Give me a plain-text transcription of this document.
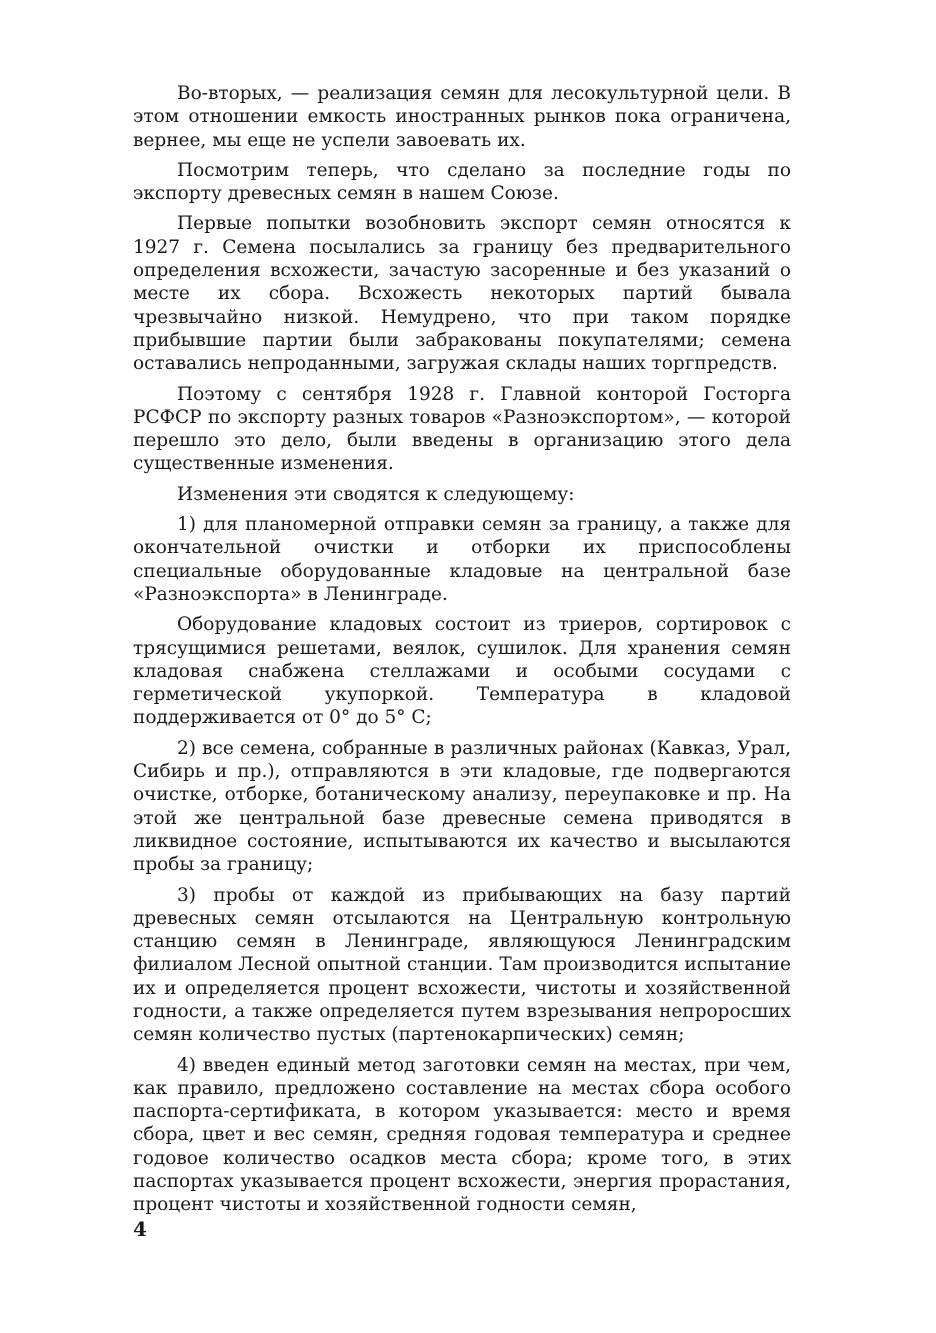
Во-вторых, — реализация семян для лесокультурной цели. В этом отношении емкость иностранных рынков пока ограничена, вернее, мы еще не успели завоевать их.

Посмотрим теперь, что сделано за последние годы по экспорту древесных семян в нашем Союзе.

Первые попытки возобновить экспорт семян относятся к 1927 г. Семена посылались за границу без предварительного определения всхожести, зачастую засоренные и без указаний о месте их сбора. Всхожесть некоторых партий бывала чрезвычайно низкой. Немудрено, что при таком порядке прибывшие партии были забракованы покупателями; семена оставались непроданными, загружая склады наших торгпредств.

Поэтому с сентября 1928 г. Главной конторой Госторга РСФСР по экспорту разных товаров «Разноэкспортом», — которой перешло это дело, были введены в организацию этого дела существенные изменения.

Изменения эти сводятся к следующему:

1) для планомерной отправки семян за границу, а также для окончательной очистки и отборки их приспособлены специальные оборудованные кладовые на центральной базе «Разноэкспорта» в Ленинграде.

Оборудование кладовых состоит из триеров, сортировок с трясущимися решетами, веялок, сушилок. Для хранения семян кладовая снабжена стеллажами и особыми сосудами с герметической укупоркой. Температура в кладовой поддерживается от 0° до 5° С;

2) все семена, собранные в различных районах (Кавказ, Урал, Сибирь и пр.), отправляются в эти кладовые, где подвергаются очистке, отборке, ботаническому анализу, переупаковке и пр. На этой же центральной базе древесные семена приводятся в ликвидное состояние, испытываются их качество и высылаются пробы за границу;

3) пробы от каждой из прибывающих на базу партий древесных семян отсылаются на Центральную контрольную станцию семян в Ленинграде, являющуюся Ленинградским филиалом Лесной опытной станции. Там производится испытание их и определяется процент всхожести, чистоты и хозяйственной годности, а также определяется путем взрезывания непроросших семян количество пустых (партенокарпических) семян;

4) введен единый метод заготовки семян на местах, при чем, как правило, предложено составление на местах сбора особого паспорта-сертификата, в котором указывается: место и время сбора, цвет и вес семян, средняя годовая температура и среднее годовое количество осадков места сбора; кроме того, в этих паспортах указывается процент всхожести, энергия прорастания, процент чистоты и хозяйственной годности семян,

4
